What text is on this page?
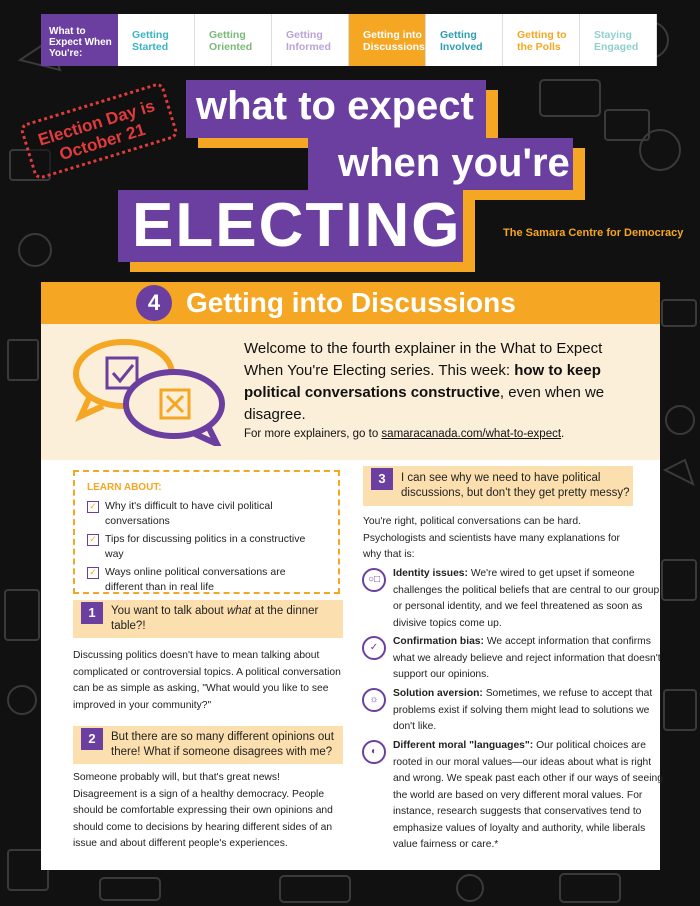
What to Expect When You're:
Getting Started
Getting Oriented
Getting Informed
Getting into Discussions
Getting Involved
Getting to the Polls
Staying Engaged
Election Day is October 21
what to expect
when you're
ELECTING	The Samara Centre for Democracy
4 Getting into Discussions
Welcome to the fourth explainer in the What to Expect When You're Electing series. This week: how to keep political conversations constructive, even when we disagree.
For more explainers, go to samaracanada.com/what-to-expect.
LEARN ABOUT:
✓ Why it's difficult to have civil political conversations
✓ Tips for discussing politics in a constructive way
✓ Ways online political conversations are different than in real life
1	You want to talk about what at the dinner table?!
Discussing politics doesn't have to mean talking about complicated or controversial topics. A political conversation can be as simple as asking, "What would you like to see improved in your community?"
2	But there are so many different opinions out there! What if someone disagrees with me?
Someone probably will, but that's great news! Disagreement is a sign of a healthy democracy. People should be comfortable expressing their own opinions and should come to decisions by hearing different sides of an issue and about different people's experiences.
3	I can see why we need to have political discussions, but don't they get pretty messy?
You're right, political conversations can be hard. Psychologists and scientists have many explanations for why that is:
○□
Identity issues: We're wired to get upset if someone challenges the political beliefs that are central to our group or personal identity, and we feel threatened as soon as divisive topics come up.
✓
Confirmation bias: We accept information that confirms what we already believe and reject information that doesn't support our opinions.
☼
Solution aversion: Sometimes, we refuse to accept that problems exist if solving them might lead to solutions we don't like.
◐
Different moral "languages": Our political choices are rooted in our moral values—our ideas about what is right and wrong. We speak past each other if our ways of seeing the world are based on very different moral values. For instance, research suggests that conservatives tend to emphasize values of loyalty and authority, while liberals value fairness or care.*
